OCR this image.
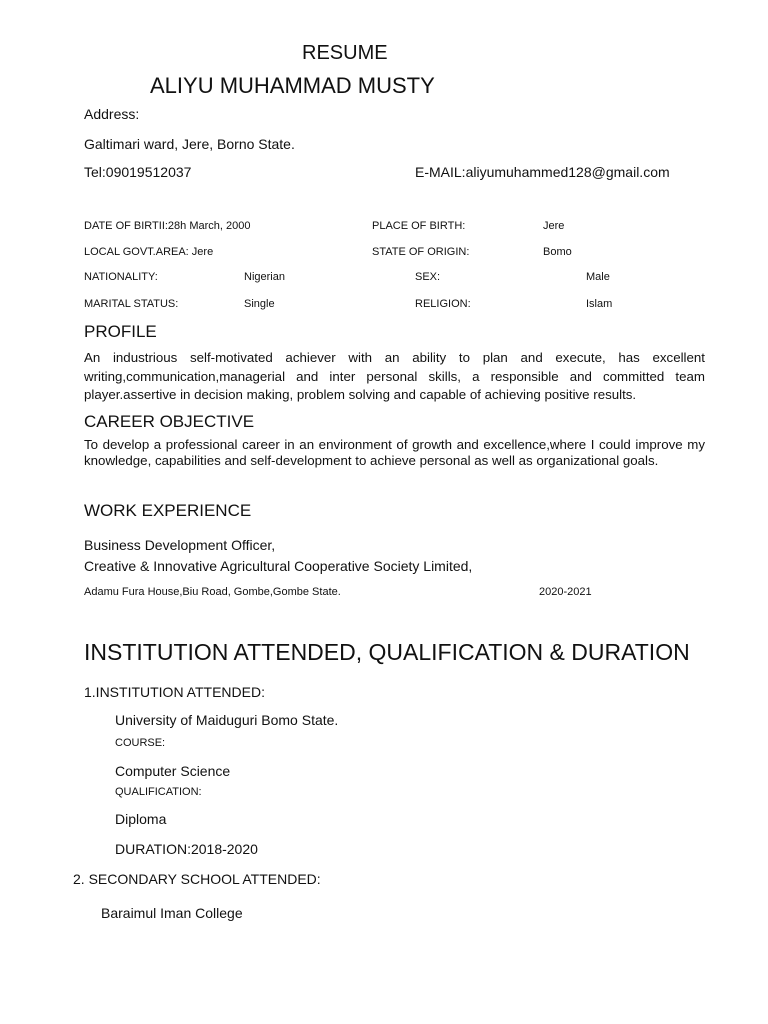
RESUME
ALIYU MUHAMMAD MUSTY
Address:
Galtimari ward, Jere, Borno State.
Tel:09019512037	E-MAIL:aliyumuhammed128@gmail.com
DATE OF BIRTII:28h March, 2000	PLACE OF BIRTH:	Jere
LOCAL GOVT.AREA: Jere	STATE OF ORIGIN:	Bomo
NATIONALITY:	Nigerian	SEX:	Male
MARITAL STATUS:	Single	RELIGION:	Islam
PROFILE
An industrious self-motivated achiever with an ability to plan and execute, has excellent writing,communication,managerial and inter personal skills, a responsible and committed team player.assertive in decision making, problem solving and capable of achieving positive results.
CAREER OBJECTIVE
To develop a professional career in an environment of growth and excellence,where I could improve my knowledge, capabilities and self-development to achieve personal as well as organizational goals.
WORK EXPERIENCE
Business Development Officer,
Creative & Innovative Agricultural Cooperative Society Limited,
Adamu Fura House,Biu Road, Gombe,Gombe State.	2020-2021
INSTITUTION ATTENDED, QUALIFICATION & DURATION
1.INSTITUTION ATTENDED:
University of Maiduguri Bomo State.
COURSE:
Computer Science
QUALIFICATION:
Diploma
DURATION:2018-2020
2. SECONDARY SCHOOL ATTENDED:
Baraimul Iman College
